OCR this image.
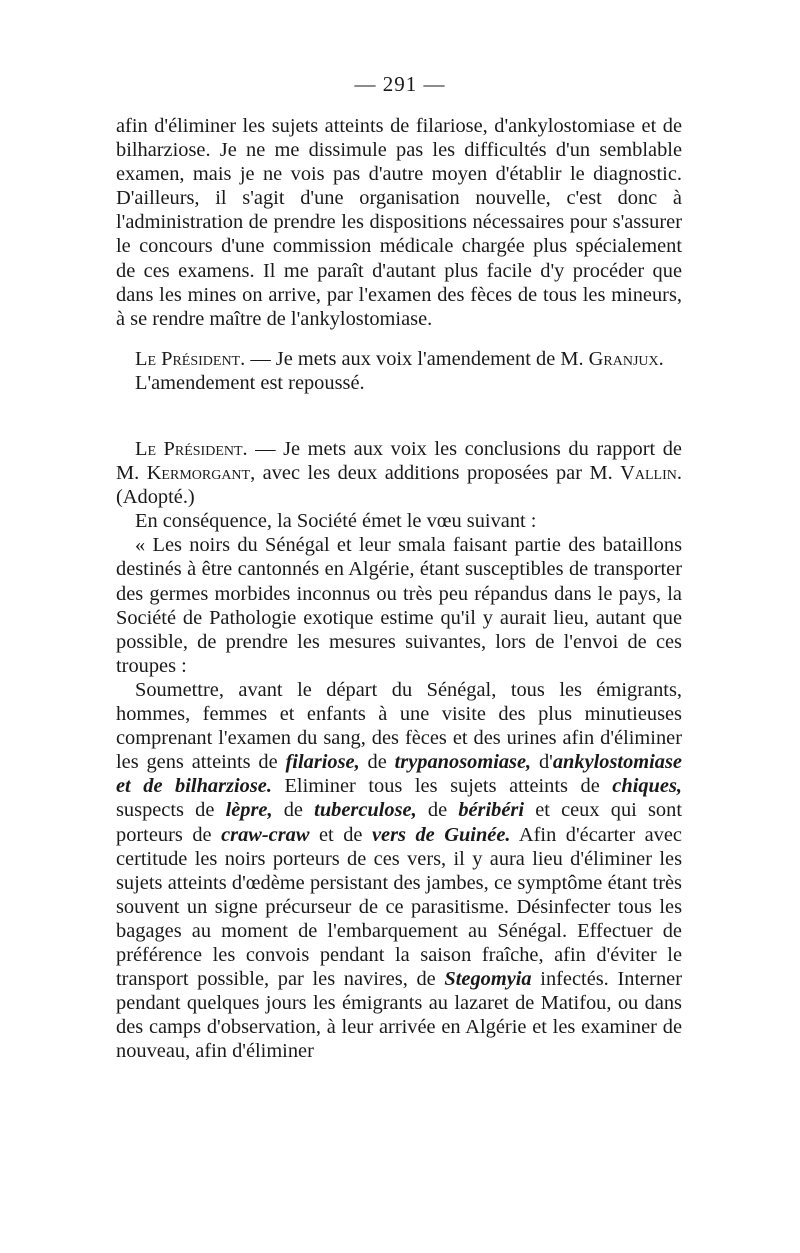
— 291 —

afin d'éliminer les sujets atteints de filariose, d'ankylostomiase et de bilharziose. Je ne me dissimule pas les difficultés d'un semblable examen, mais je ne vois pas d'autre moyen d'établir le diagnostic. D'ailleurs, il s'agit d'une organisation nouvelle, c'est donc à l'administration de prendre les dispositions nécessaires pour s'assurer le concours d'une commission médicale chargée plus spécialement de ces examens. Il me paraît d'autant plus facile d'y procéder que dans les mines on arrive, par l'examen des fèces de tous les mineurs, à se rendre maître de l'ankylostomiase.

Le Président. — Je mets aux voix l'amendement de M. Granjux.

L'amendement est repoussé.

Le Président. — Je mets aux voix les conclusions du rapport de M. Kermorgant, avec les deux additions proposées par M. Vallin. (Adopté.)

En conséquence, la Société émet le vœu suivant :

« Les noirs du Sénégal et leur smala faisant partie des bataillons destinés à être cantonnés en Algérie, étant susceptibles de transporter des germes morbides inconnus ou très peu répandus dans le pays, la Société de Pathologie exotique estime qu'il y aurait lieu, autant que possible, de prendre les mesures suivantes, lors de l'envoi de ces troupes :

Soumettre, avant le départ du Sénégal, tous les émigrants, hommes, femmes et enfants à une visite des plus minutieuses comprenant l'examen du sang, des fèces et des urines afin d'éliminer les gens atteints de filariose, de trypanosomiase, d'ankylostomiase et de bilharziose. Eliminer tous les sujets atteints de chiques, suspects de lèpre, de tuberculose, de béribéri et ceux qui sont porteurs de craw-craw et de vers de Guinée. Afin d'écarter avec certitude les noirs porteurs de ces vers, il y aura lieu d'éliminer les sujets atteints d'œdème persistant des jambes, ce symptôme étant très souvent un signe précurseur de ce parasitisme. Désinfecter tous les bagages au moment de l'embarquement au Sénégal. Effectuer de préférence les convois pendant la saison fraîche, afin d'éviter le transport possible, par les navires, de Stegomyia infectés. Interner pendant quelques jours les émigrants au lazaret de Matifou, ou dans des camps d'observation, à leur arrivée en Algérie et les examiner de nouveau, afin d'éliminer
